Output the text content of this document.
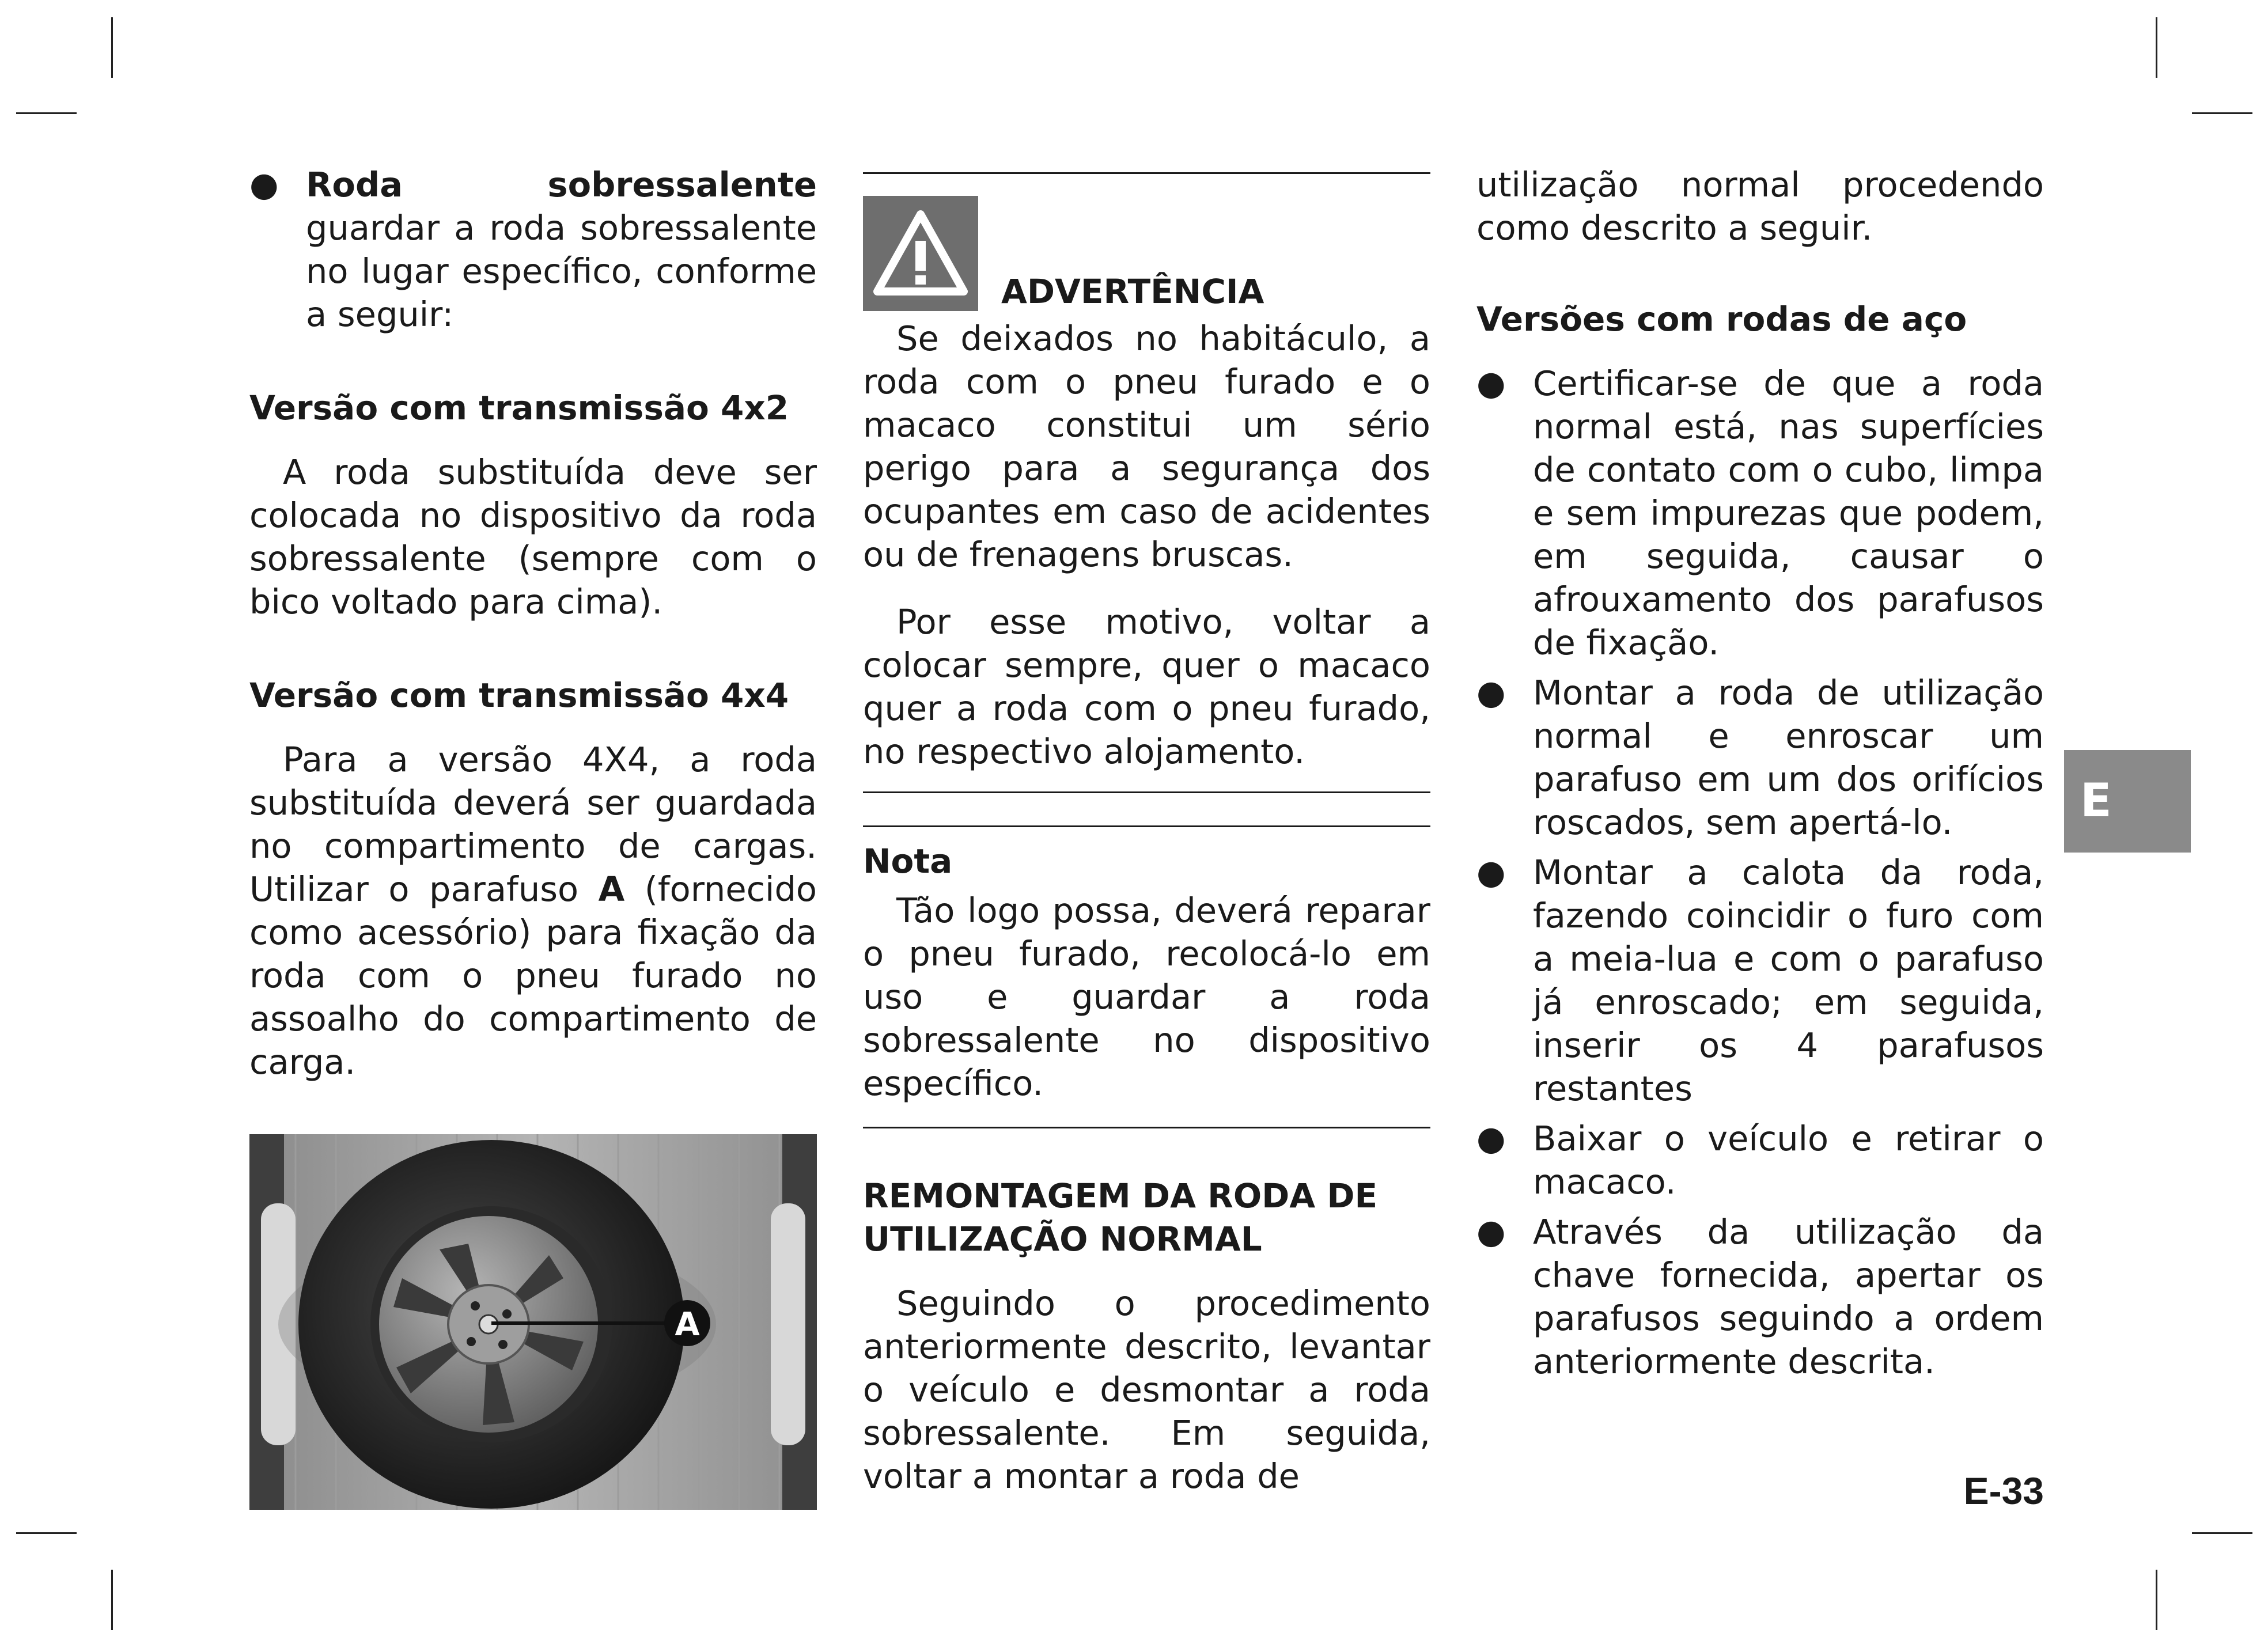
● Roda sobressalente guardar a roda sobressalente no lugar específico, conforme a seguir:
Versão com transmissão 4x2

A roda substituída deve ser colocada no dispositivo da roda sobressalente (sempre com o bico voltado para cima).

Versão com transmissão 4x4

Para a versão 4X4, a roda substituída deverá ser guardada no compartimento de cargas. Utilizar o parafuso A (fornecido como acessório) para fixação da roda com o pneu furado no assoalho do compartimento de carga.

A
ADVERTÊNCIA

Se deixados no habitáculo, a roda com o pneu furado e o macaco constitui um sério perigo para a segurança dos ocupantes em caso de acidentes ou de frenagens bruscas.

Por esse motivo, voltar a colocar sempre, quer o macaco quer a roda com o pneu furado, no respectivo alojamento.

Nota

Tão logo possa, deverá reparar o pneu furado, recolocá-lo em uso e guardar a roda sobressalente no dispositivo específico.

REMONTAGEM DA RODA DE UTILIZAÇÃO NORMAL

Seguindo o procedimento anteriormente descrito, levantar o veículo e desmontar a roda sobressalente. Em seguida, voltar a montar a roda de

utilização normal procedendo como descrito a seguir.

Versões com rodas de aço
● Certificar-se de que a roda normal está, nas superfícies de contato com o cubo, limpa e sem impurezas que podem, em seguida, causar o afrouxamento dos parafusos de fixação.
● Montar a roda de utilização normal e enroscar um parafuso em um dos orifícios roscados, sem apertá-lo.
● Montar a calota da roda, fazendo coincidir o furo com a meia-lua e com o parafuso já enroscado; em seguida, inserir os 4 parafusos restantes
● Baixar o veículo e retirar o macaco.
● Através da utilização da chave fornecida, apertar os parafusos seguindo a ordem anteriormente descrita.
E
E-33
